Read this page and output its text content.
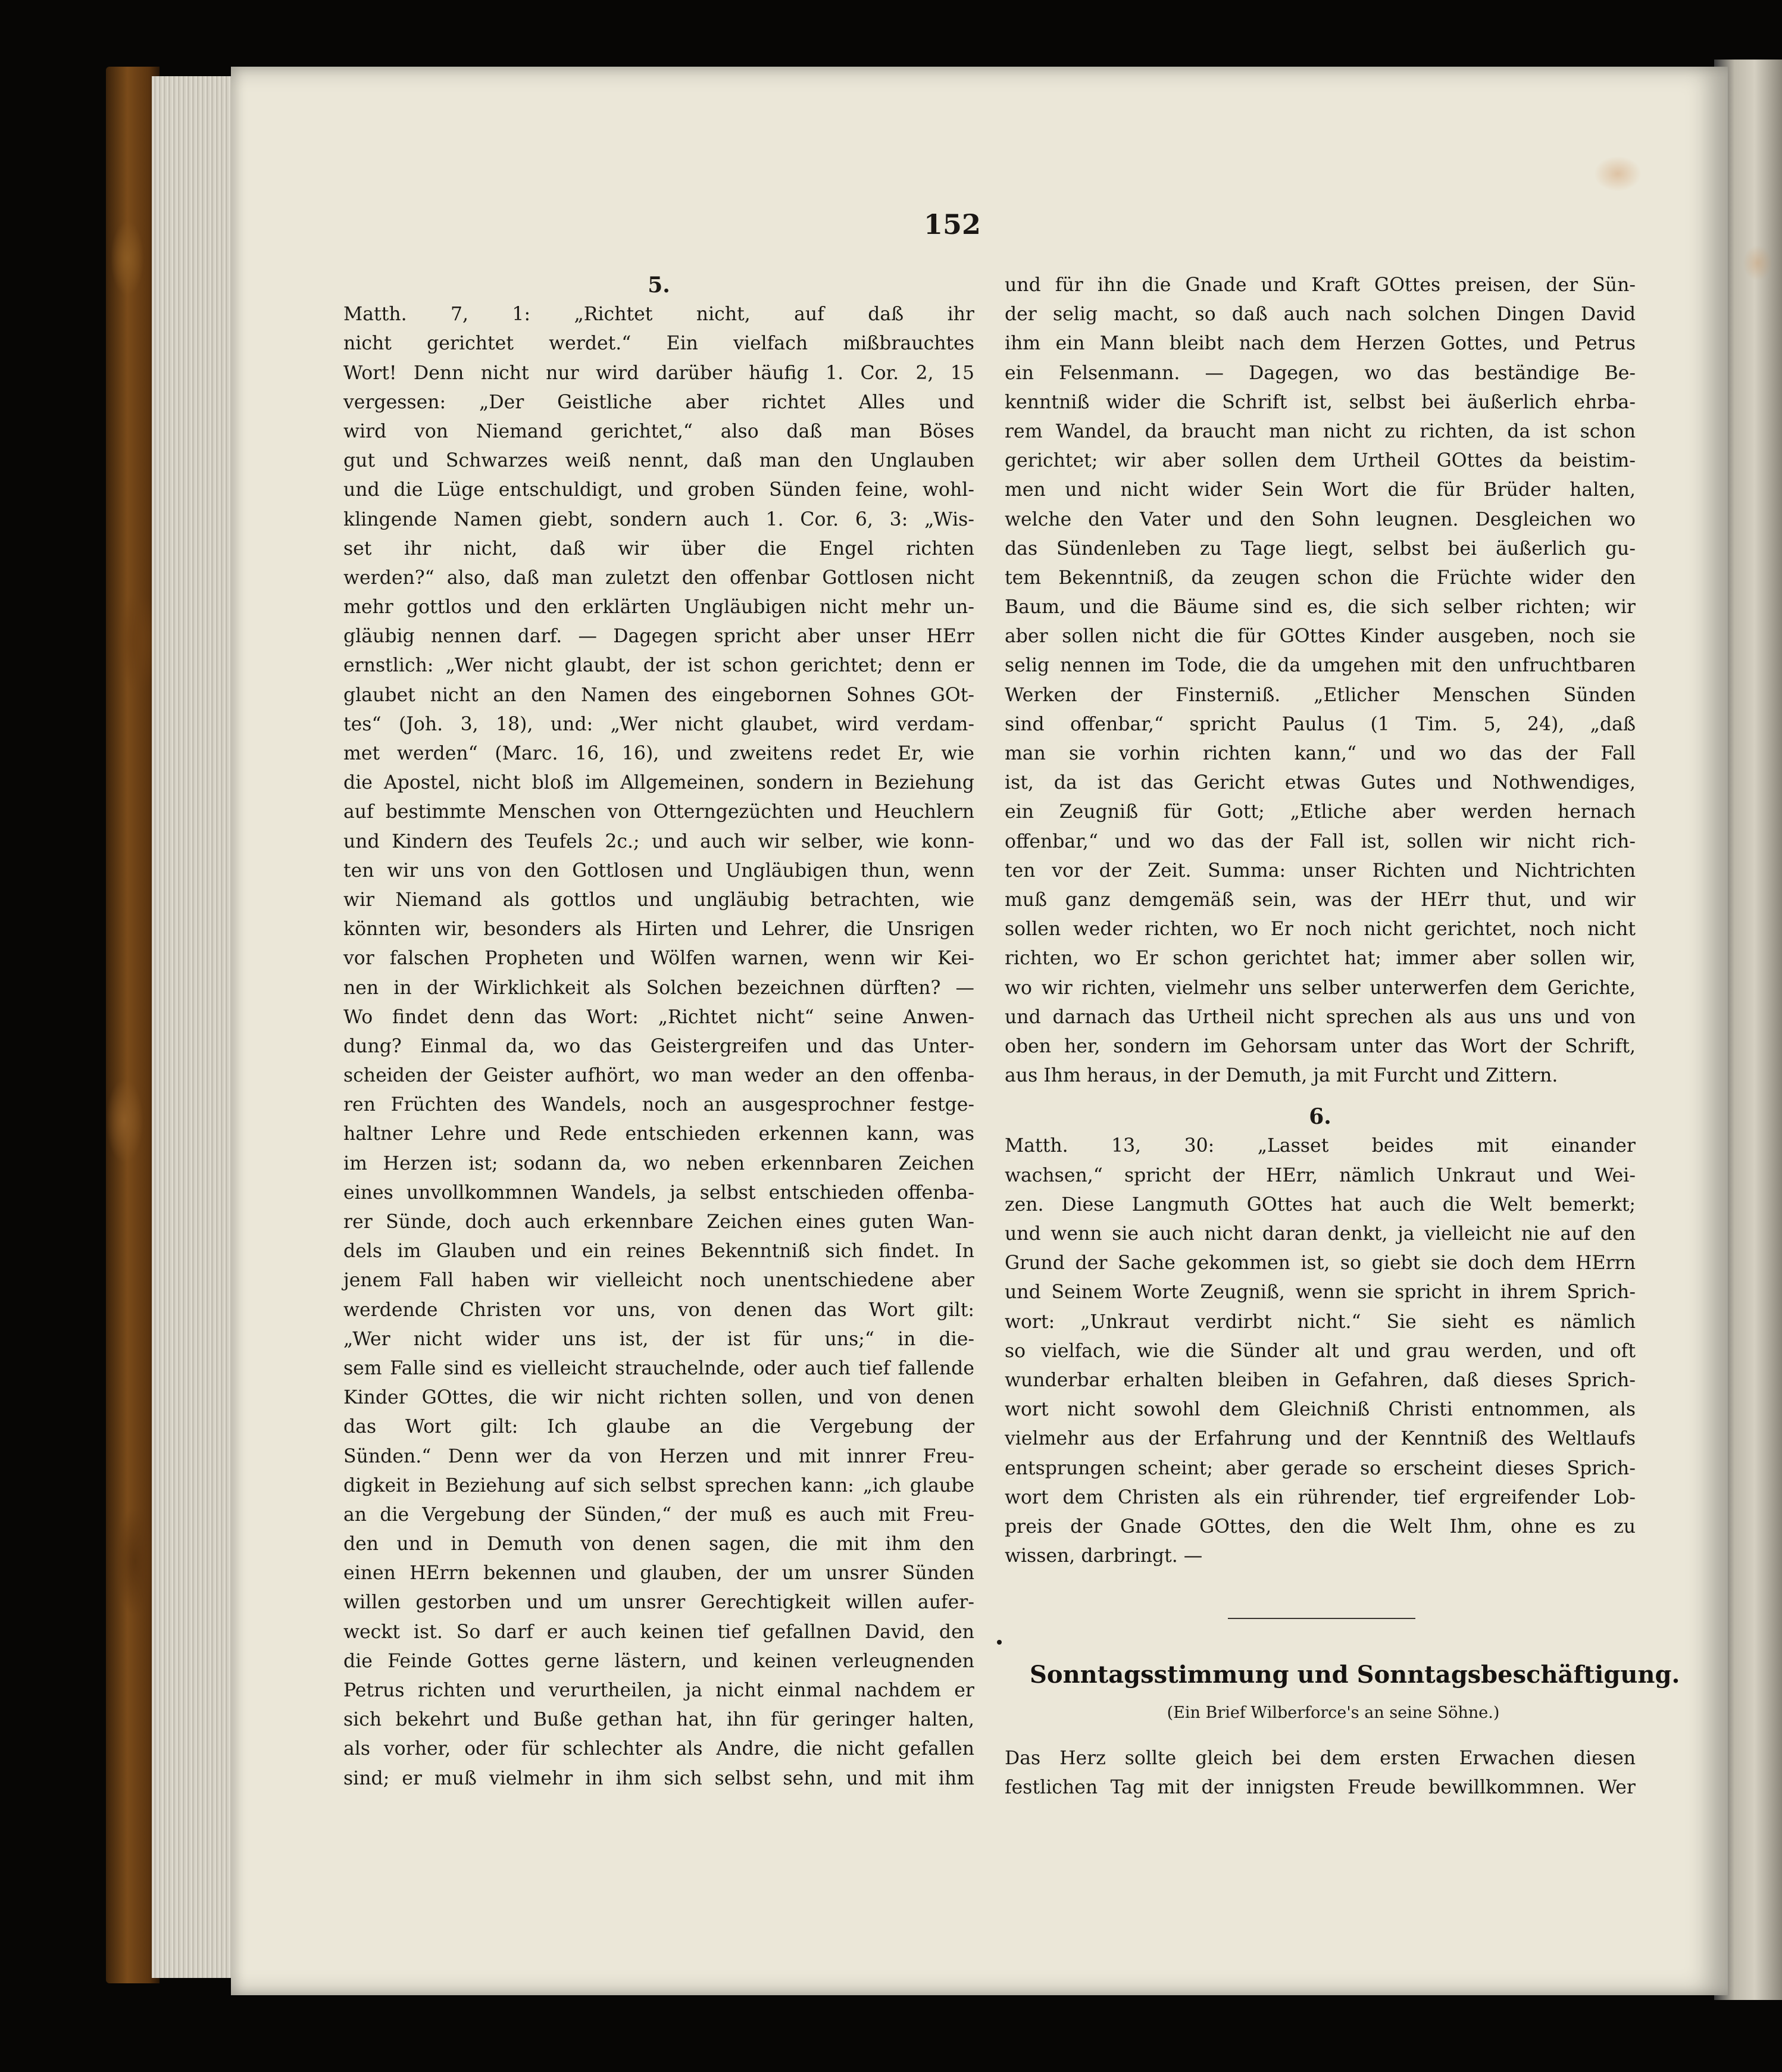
152
5.
Matth. 7, 1: „Richtet nicht, auf daß ihr
nicht gerichtet werdet.“ Ein vielfach mißbrauchtes
Wort! Denn nicht nur wird darüber häufig 1. Cor. 2, 15
vergessen: „Der Geistliche aber richtet Alles und
wird von Niemand gerichtet,“ also daß man Böses
gut und Schwarzes weiß nennt, daß man den Unglauben
und die Lüge entschuldigt, und groben Sünden feine, wohl-
klingende Namen giebt, sondern auch 1. Cor. 6, 3: „Wis-
set ihr nicht, daß wir über die Engel richten
werden?“ also, daß man zuletzt den offenbar Gottlosen nicht
mehr gottlos und den erklärten Ungläubigen nicht mehr un-
gläubig nennen darf. — Dagegen spricht aber unser HErr
ernstlich: „Wer nicht glaubt, der ist schon gerichtet; denn er
glaubet nicht an den Namen des eingebornen Sohnes GOt-
tes“ (Joh. 3, 18), und: „Wer nicht glaubet, wird verdam-
met werden“ (Marc. 16, 16), und zweitens redet Er, wie
die Apostel, nicht bloß im Allgemeinen, sondern in Beziehung
auf bestimmte Menschen von Otterngezüchten und Heuchlern
und Kindern des Teufels 2c.; und auch wir selber, wie konn-
ten wir uns von den Gottlosen und Ungläubigen thun, wenn
wir Niemand als gottlos und ungläubig betrachten, wie
könnten wir, besonders als Hirten und Lehrer, die Unsrigen
vor falschen Propheten und Wölfen warnen, wenn wir Kei-
nen in der Wirklichkeit als Solchen bezeichnen dürften? —
Wo findet denn das Wort: „Richtet nicht“ seine Anwen-
dung? Einmal da, wo das Geistergreifen und das Unter-
scheiden der Geister aufhört, wo man weder an den offenba-
ren Früchten des Wandels, noch an ausgesprochner festge-
haltner Lehre und Rede entschieden erkennen kann, was
im Herzen ist; sodann da, wo neben erkennbaren Zeichen
eines unvollkommnen Wandels, ja selbst entschieden offenba-
rer Sünde, doch auch erkennbare Zeichen eines guten Wan-
dels im Glauben und ein reines Bekenntniß sich findet. In
jenem Fall haben wir vielleicht noch unentschiedene aber
werdende Christen vor uns, von denen das Wort gilt:
„Wer nicht wider uns ist, der ist für uns;“ in die-
sem Falle sind es vielleicht strauchelnde, oder auch tief fallende
Kinder GOttes, die wir nicht richten sollen, und von denen
das Wort gilt: Ich glaube an die Vergebung der
Sünden.“ Denn wer da von Herzen und mit innrer Freu-
digkeit in Beziehung auf sich selbst sprechen kann: „ich glaube
an die Vergebung der Sünden,“ der muß es auch mit Freu-
den und in Demuth von denen sagen, die mit ihm den
einen HErrn bekennen und glauben, der um unsrer Sünden
willen gestorben und um unsrer Gerechtigkeit willen aufer-
weckt ist. So darf er auch keinen tief gefallnen David, den
die Feinde Gottes gerne lästern, und keinen verleugnenden
Petrus richten und verurtheilen, ja nicht einmal nachdem er
sich bekehrt und Buße gethan hat, ihn für geringer halten,
als vorher, oder für schlechter als Andre, die nicht gefallen
sind; er muß vielmehr in ihm sich selbst sehn, und mit ihm
und für ihn die Gnade und Kraft GOttes preisen, der Sün-
der selig macht, so daß auch nach solchen Dingen David
ihm ein Mann bleibt nach dem Herzen Gottes, und Petrus
ein Felsenmann. — Dagegen, wo das beständige Be-
kenntniß wider die Schrift ist, selbst bei äußerlich ehrba-
rem Wandel, da braucht man nicht zu richten, da ist schon
gerichtet; wir aber sollen dem Urtheil GOttes da beistim-
men und nicht wider Sein Wort die für Brüder halten,
welche den Vater und den Sohn leugnen. Desgleichen wo
das Sündenleben zu Tage liegt, selbst bei äußerlich gu-
tem Bekenntniß, da zeugen schon die Früchte wider den
Baum, und die Bäume sind es, die sich selber richten; wir
aber sollen nicht die für GOttes Kinder ausgeben, noch sie
selig nennen im Tode, die da umgehen mit den unfruchtbaren
Werken der Finsterniß. „Etlicher Menschen Sünden
sind offenbar,“ spricht Paulus (1 Tim. 5, 24), „daß
man sie vorhin richten kann,“ und wo das der Fall
ist, da ist das Gericht etwas Gutes und Nothwendiges,
ein Zeugniß für Gott; „Etliche aber werden hernach
offenbar,“ und wo das der Fall ist, sollen wir nicht rich-
ten vor der Zeit. Summa: unser Richten und Nichtrichten
muß ganz demgemäß sein, was der HErr thut, und wir
sollen weder richten, wo Er noch nicht gerichtet, noch nicht
richten, wo Er schon gerichtet hat; immer aber sollen wir,
wo wir richten, vielmehr uns selber unterwerfen dem Gerichte,
und darnach das Urtheil nicht sprechen als aus uns und von
oben her, sondern im Gehorsam unter das Wort der Schrift,
aus Ihm heraus, in der Demuth, ja mit Furcht und Zittern.
6.
Matth. 13, 30: „Lasset beides mit einander
wachsen,“ spricht der HErr, nämlich Unkraut und Wei-
zen. Diese Langmuth GOttes hat auch die Welt bemerkt;
und wenn sie auch nicht daran denkt, ja vielleicht nie auf den
Grund der Sache gekommen ist, so giebt sie doch dem HErrn
und Seinem Worte Zeugniß, wenn sie spricht in ihrem Sprich-
wort: „Unkraut verdirbt nicht.“ Sie sieht es nämlich
so vielfach, wie die Sünder alt und grau werden, und oft
wunderbar erhalten bleiben in Gefahren, daß dieses Sprich-
wort nicht sowohl dem Gleichniß Christi entnommen, als
vielmehr aus der Erfahrung und der Kenntniß des Weltlaufs
entsprungen scheint; aber gerade so erscheint dieses Sprich-
wort dem Christen als ein rührender, tief ergreifender Lob-
preis der Gnade GOttes, den die Welt Ihm, ohne es zu
wissen, darbringt. —
Sonntagsstimmung und Sonntagsbeschäftigung.

(Ein Brief Wilberforce's an seine Söhne.)

Das Herz sollte gleich bei dem ersten Erwachen diesen
festlichen Tag mit der innigsten Freude bewillkommnen. Wer
